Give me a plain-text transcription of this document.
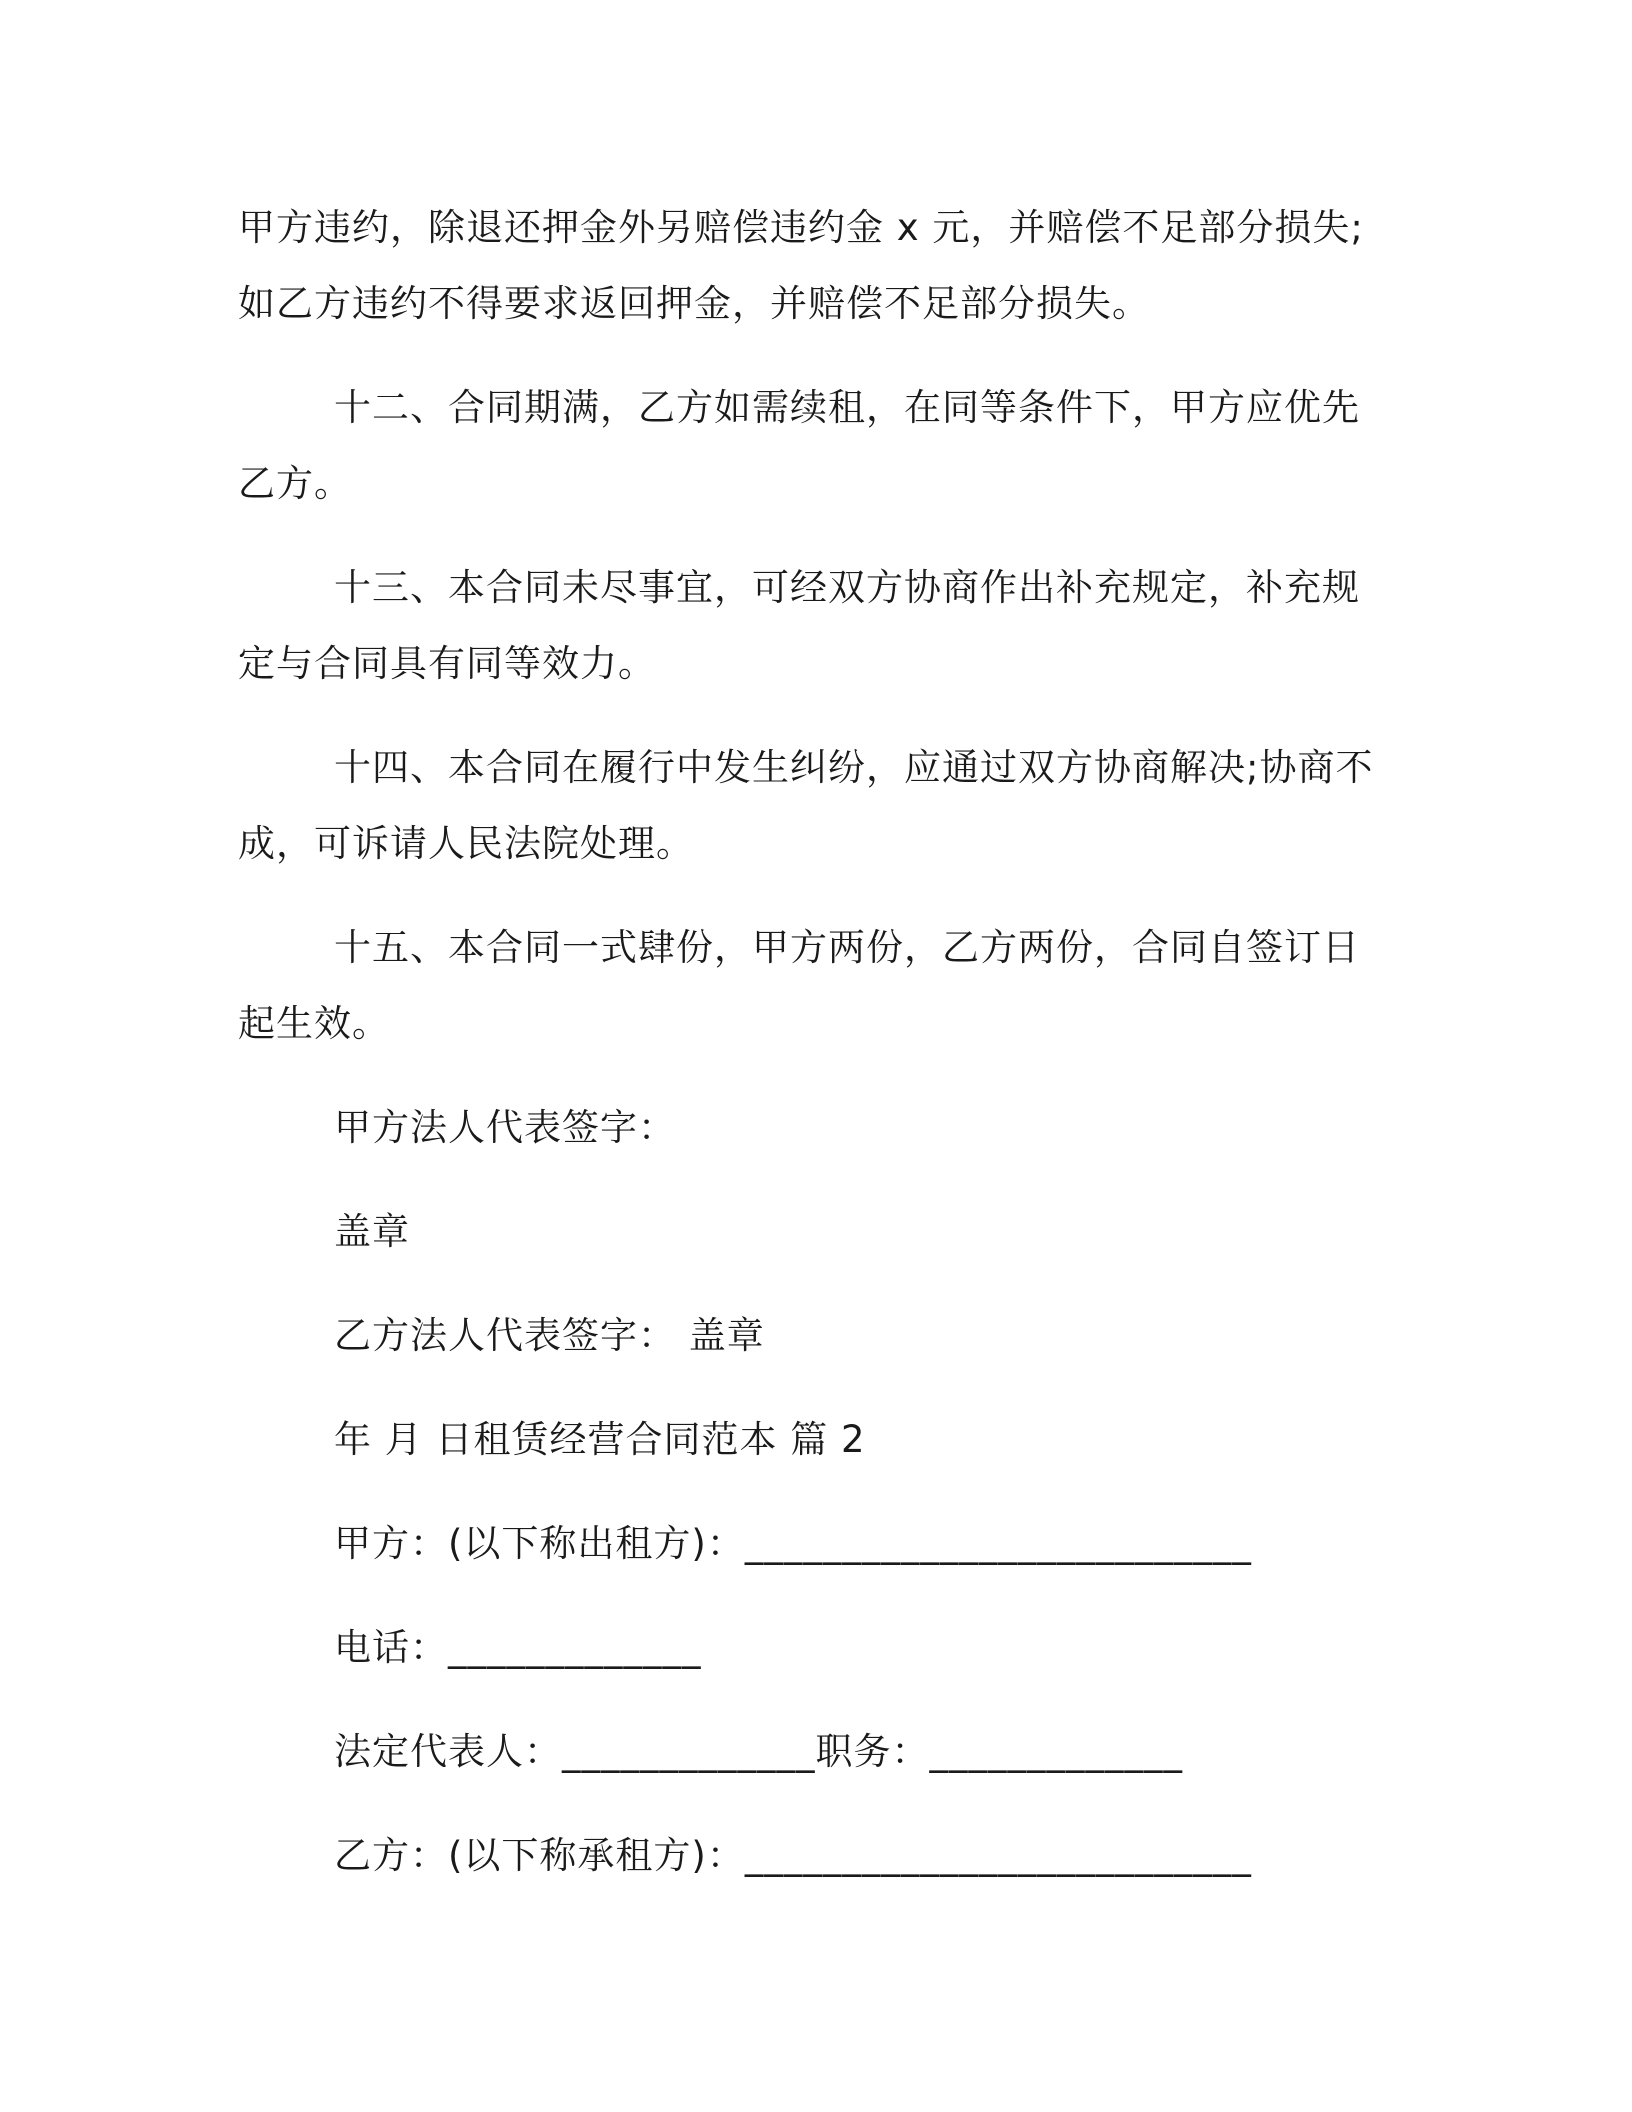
甲方违约，除退还押金外另赔偿违约金 x 元，并赔偿不足部分损失;如乙方违约不得要求返回押金，并赔偿不足部分损失。

十二、合同期满，乙方如需续租，在同等条件下，甲方应优先乙方。

十三、本合同未尽事宜，可经双方协商作出补充规定，补充规定与合同具有同等效力。

十四、本合同在履行中发生纠纷，应通过双方协商解决;协商不成，可诉请人民法院处理。

十五、本合同一式肆份，甲方两份，乙方两份，合同自签订日起生效。

甲方法人代表签字：

盖章

乙方法人代表签字： 盖章

年 月 日租赁经营合同范本 篇 2

甲方：(以下称出租方)：__________________________

电话：_____________

法定代表人：_____________职务：_____________

乙方：(以下称承租方)：__________________________
